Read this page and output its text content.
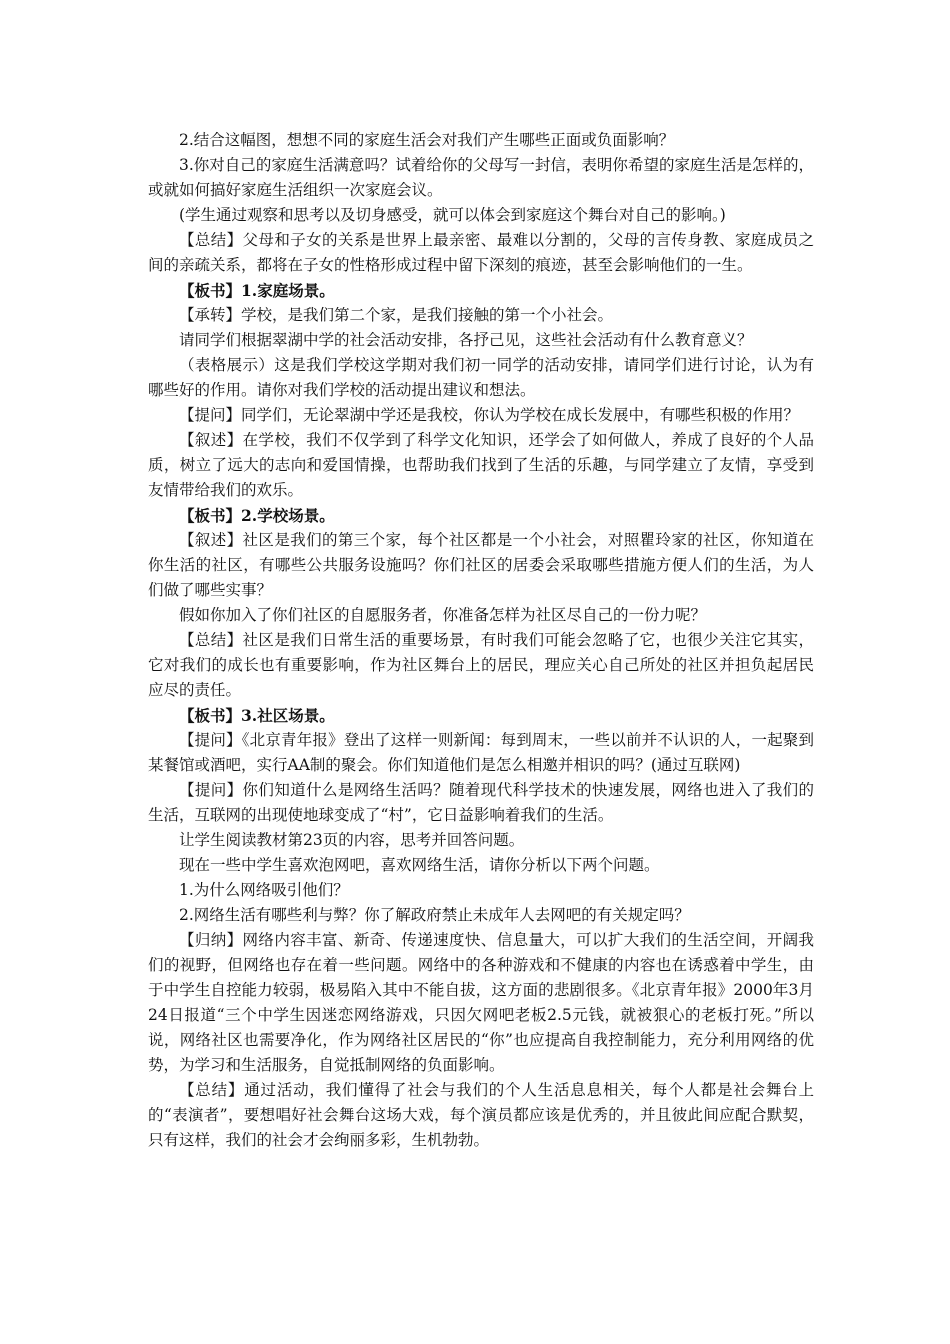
2.结合这幅图，想想不同的家庭生活会对我们产生哪些正面或负面影响？

3.你对自己的家庭生活满意吗？试着给你的父母写一封信，表明你希望的家庭生活是怎样的，或就如何搞好家庭生活组织一次家庭会议。

(学生通过观察和思考以及切身感受，就可以体会到家庭这个舞台对自己的影响。)

【总结】父母和子女的关系是世界上最亲密、最难以分割的，父母的言传身教、家庭成员之间的亲疏关系，都将在子女的性格形成过程中留下深刻的痕迹，甚至会影响他们的一生。

【板书】1.家庭场景。

【承转】学校，是我们第二个家，是我们接触的第一个小社会。

请同学们根据翠湖中学的社会活动安排，各抒己见，这些社会活动有什么教育意义？

（表格展示）这是我们学校这学期对我们初一同学的活动安排，请同学们进行讨论，认为有哪些好的作用。请你对我们学校的活动提出建议和想法。

【提问】同学们，无论翠湖中学还是我校，你认为学校在成长发展中，有哪些积极的作用？

【叙述】在学校，我们不仅学到了科学文化知识，还学会了如何做人，养成了良好的个人品质，树立了远大的志向和爱国情操，也帮助我们找到了生活的乐趣，与同学建立了友情，享受到友情带给我们的欢乐。

【板书】2.学校场景。

【叙述】社区是我们的第三个家，每个社区都是一个小社会，对照瞿玲家的社区，你知道在你生活的社区，有哪些公共服务设施吗？你们社区的居委会采取哪些措施方便人们的生活，为人们做了哪些实事？

假如你加入了你们社区的自愿服务者，你准备怎样为社区尽自己的一份力呢？

【总结】社区是我们日常生活的重要场景，有时我们可能会忽略了它，也很少关注它其实，它对我们的成长也有重要影响，作为社区舞台上的居民，理应关心自己所处的社区并担负起居民应尽的责任。

【板书】3.社区场景。

【提问】《北京青年报》登出了这样一则新闻：每到周末，一些以前并不认识的人，一起聚到某餐馆或酒吧，实行AA制的聚会。你们知道他们是怎么相邀并相识的吗？(通过互联网)

【提问】你们知道什么是网络生活吗？随着现代科学技术的快速发展，网络也进入了我们的生活，互联网的出现使地球变成了“村”，它日益影响着我们的生活。

让学生阅读教材第23页的内容，思考并回答问题。

现在一些中学生喜欢泡网吧，喜欢网络生活，请你分析以下两个问题。

1.为什么网络吸引他们？

2.网络生活有哪些利与弊？你了解政府禁止未成年人去网吧的有关规定吗？

【归纳】网络内容丰富、新奇、传递速度快、信息量大，可以扩大我们的生活空间，开阔我们的视野，但网络也存在着一些问题。网络中的各种游戏和不健康的内容也在诱惑着中学生，由于中学生自控能力较弱，极易陷入其中不能自拔，这方面的悲剧很多。《北京青年报》2000年3月24日报道“三个中学生因迷恋网络游戏，只因欠网吧老板2.5元钱，就被狠心的老板打死。”所以说，网络社区也需要净化，作为网络社区居民的“你”也应提高自我控制能力，充分利用网络的优势，为学习和生活服务，自觉抵制网络的负面影响。

【总结】通过活动，我们懂得了社会与我们的个人生活息息相关，每个人都是社会舞台上的“表演者”，要想唱好社会舞台这场大戏，每个演员都应该是优秀的，并且彼此间应配合默契，只有这样，我们的社会才会绚丽多彩，生机勃勃。
